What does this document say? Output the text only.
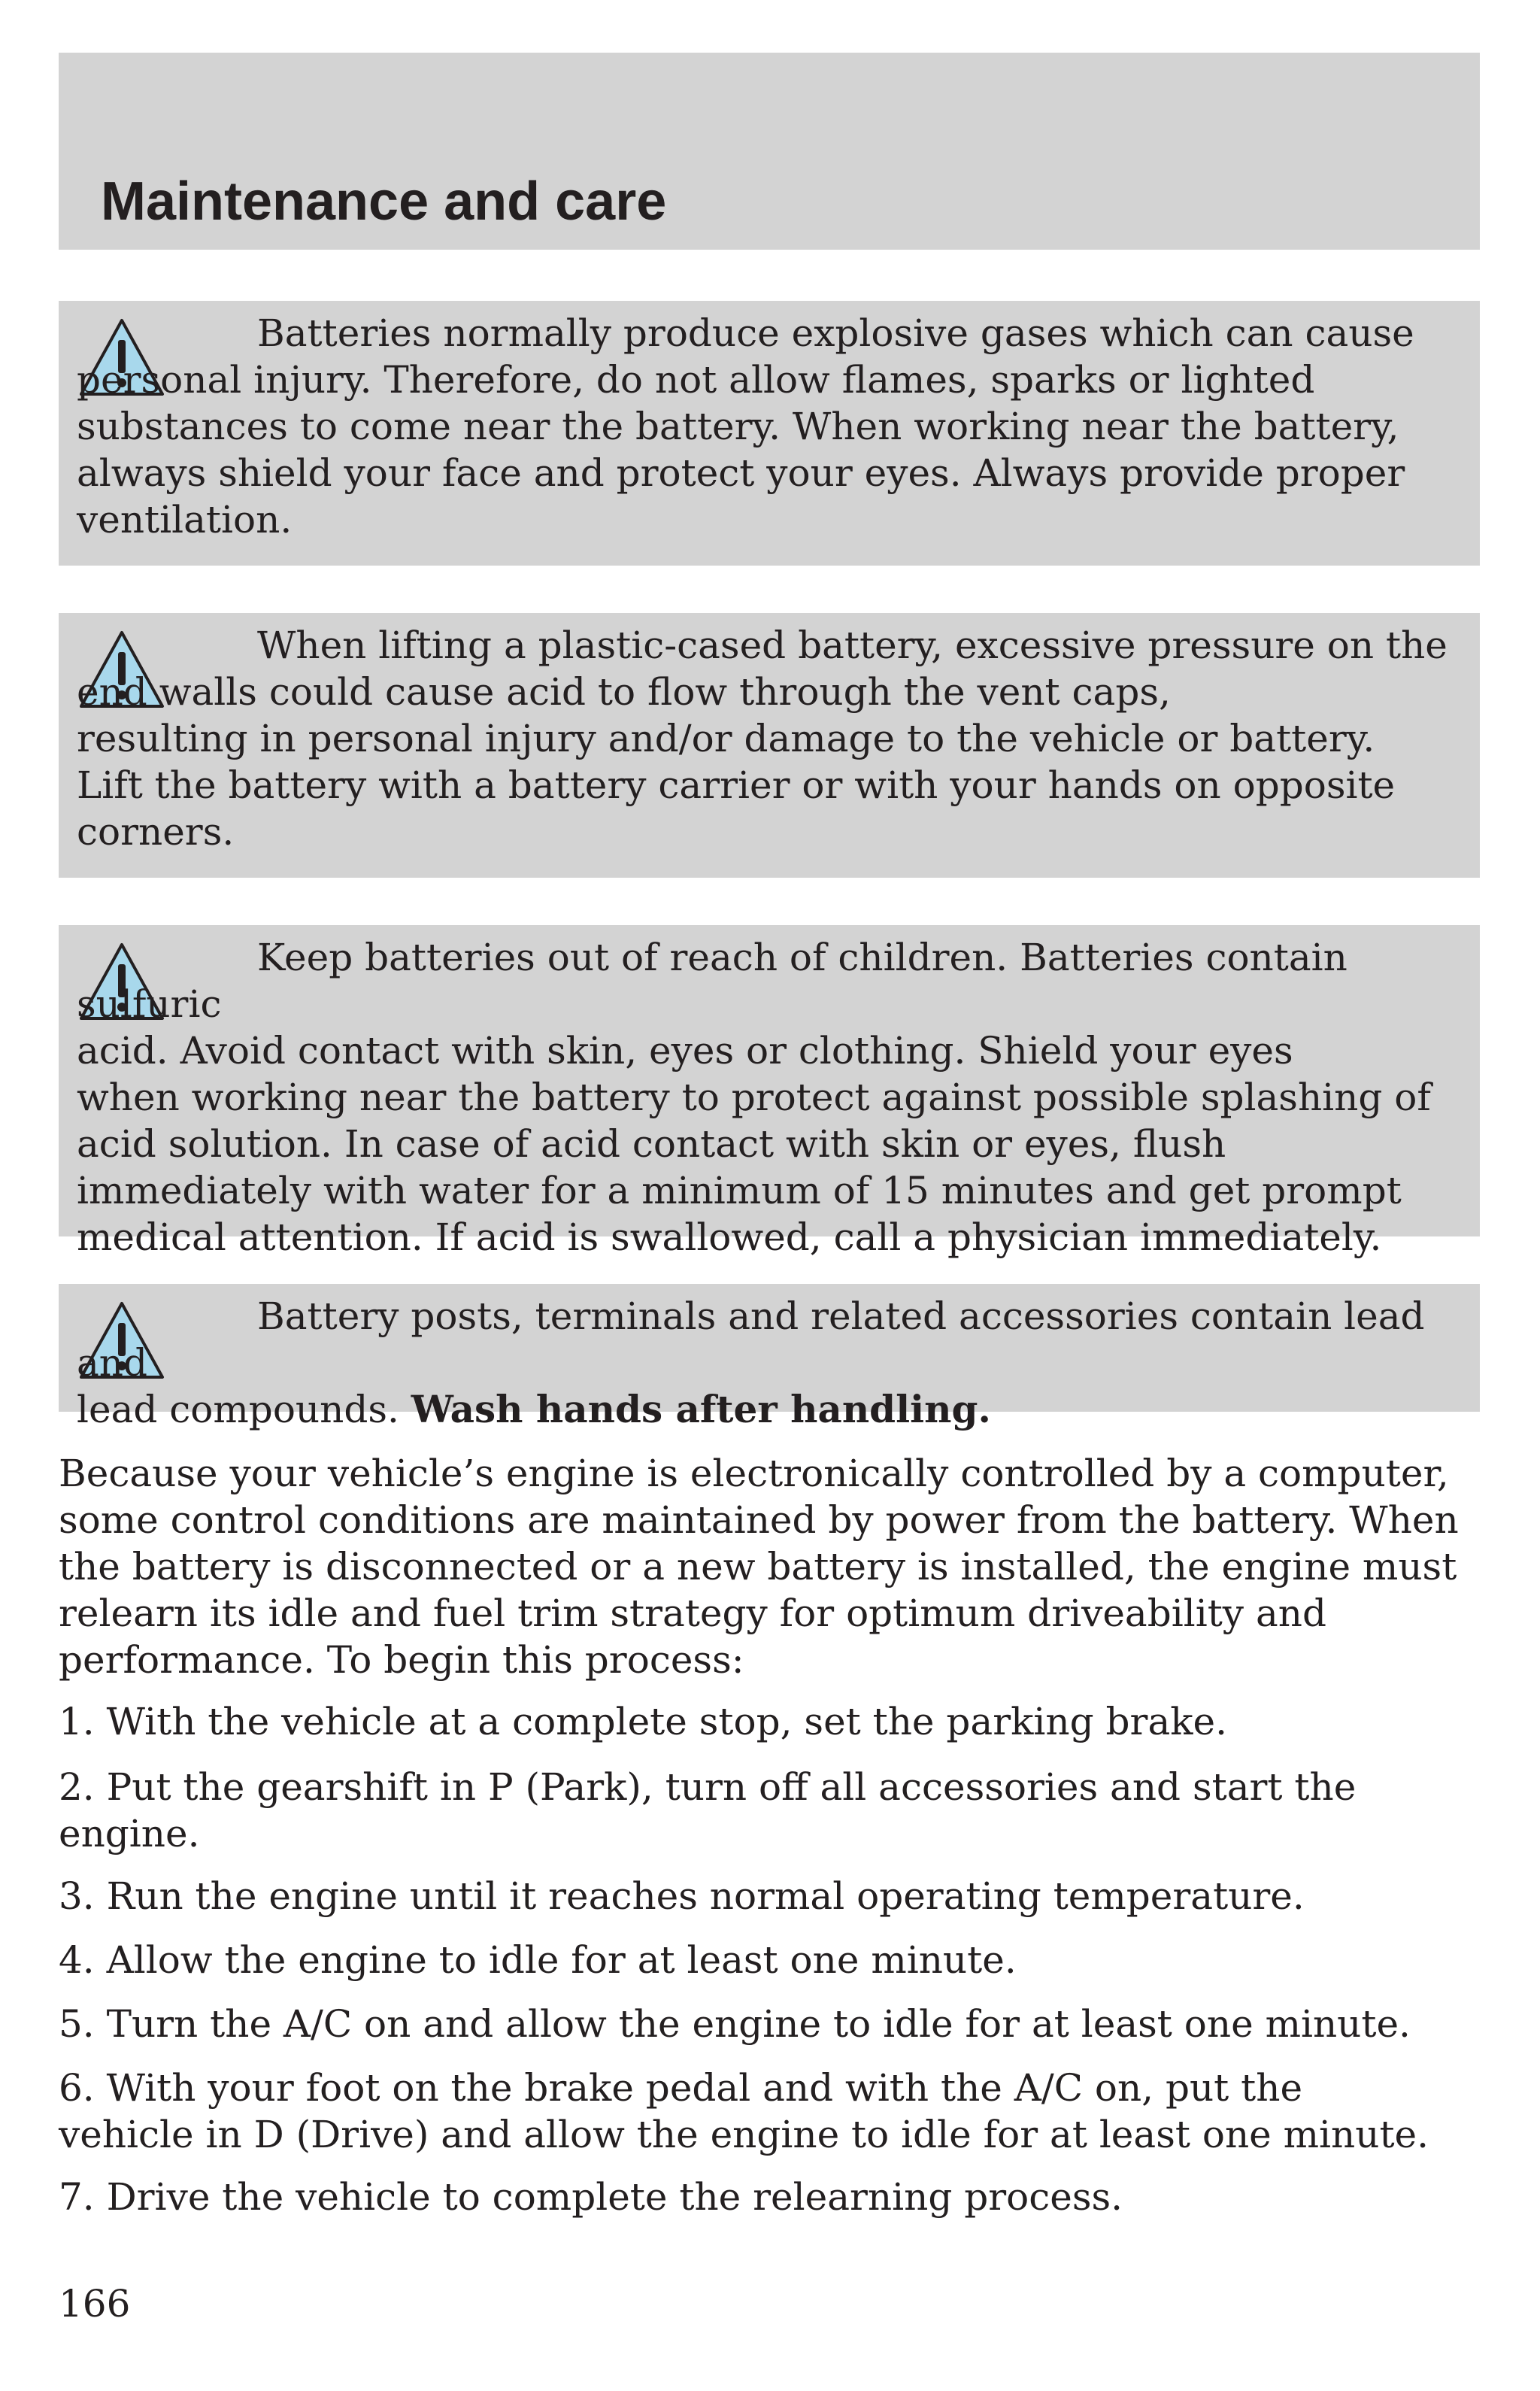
Maintenance and care
Batteries normally produce explosive gases which can cause
personal injury. Therefore, do not allow flames, sparks or lighted
substances to come near the battery. When working near the battery,
always shield your face and protect your eyes. Always provide proper
ventilation.
When lifting a plastic-cased battery, excessive pressure on the
end walls could cause acid to flow through the vent caps,
resulting in personal injury and/or damage to the vehicle or battery.
Lift the battery with a battery carrier or with your hands on opposite
corners.
Keep batteries out of reach of children. Batteries contain sulfuric
acid. Avoid contact with skin, eyes or clothing. Shield your eyes
when working near the battery to protect against possible splashing of
acid solution. In case of acid contact with skin or eyes, flush
immediately with water for a minimum of 15 minutes and get prompt
medical attention. If acid is swallowed, call a physician immediately.
Battery posts, terminals and related accessories contain lead and
lead compounds. Wash hands after handling.

Because your vehicle’s engine is electronically controlled by a computer,
some control conditions are maintained by power from the battery. When
the battery is disconnected or a new battery is installed, the engine must
relearn its idle and fuel trim strategy for optimum driveability and
performance. To begin this process:

1. With the vehicle at a complete stop, set the parking brake.

2. Put the gearshift in P (Park), turn off all accessories and start the
engine.

3. Run the engine until it reaches normal operating temperature.

4. Allow the engine to idle for at least one minute.

5. Turn the A/C on and allow the engine to idle for at least one minute.

6. With your foot on the brake pedal and with the A/C on, put the
vehicle in D (Drive) and allow the engine to idle for at least one minute.

7. Drive the vehicle to complete the relearning process.

166
